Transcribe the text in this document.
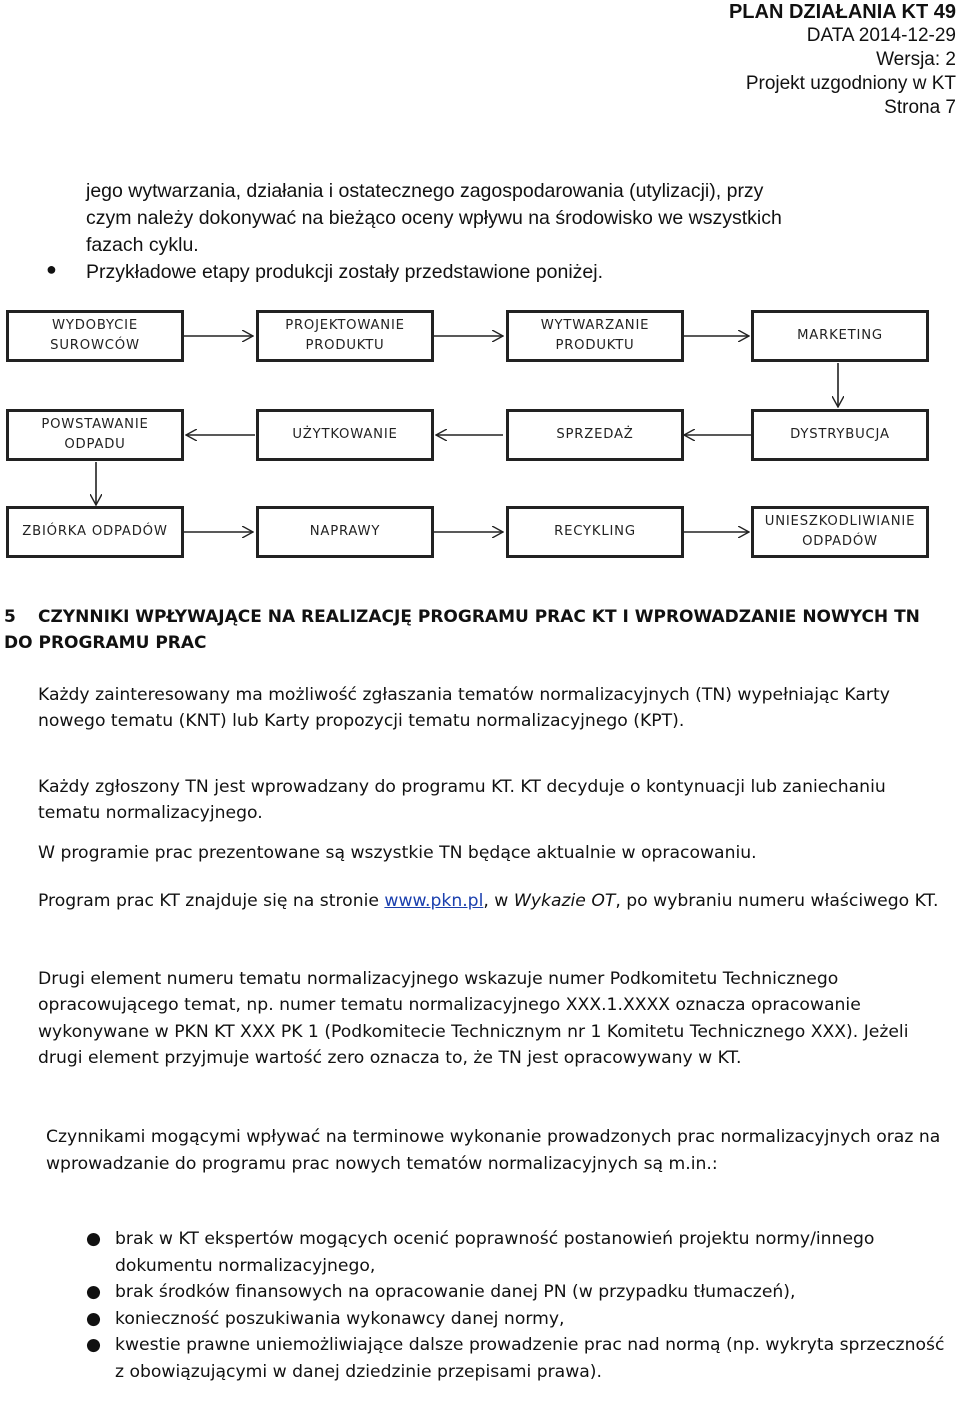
PLAN DZIAŁANIA KT 49
DATA 2014-12-29
Wersja: 2
Projekt uzgodniony w KT
Strona 7
jego wytwarzania, działania i ostatecznego zagospodarowania (utylizacji), przy
czym należy dokonywać na bieżąco oceny wpływu na środowisko we wszystkich
fazach cyklu.
● Przykładowe etapy produkcji zostały przedstawione poniżej.
WYDOBYCIE
SUROWCÓW
PROJEKTOWANIE
PRODUKTU
WYTWARZANIE
PRODUKTU
MARKETING
POWSTAWANIE
ODPADU
UŻYTKOWANIE	SPRZEDAŻ	DYSTRYBUCJA
ZBIÓRKA ODPADÓW	NAPRAWY	RECYKLING
UNIESZKODLIWIANIE
ODPADÓW
5 CZYNNIKI WPŁYWAJĄCE NA REALIZACJĘ PROGRAMU PRAC KT I WPROWADZANIE NOWYCH TN DO PROGRAMU PRAC
Każdy zainteresowany ma możliwość zgłaszania tematów normalizacyjnych (TN) wypełniając Karty nowego tematu (KNT) lub Karty propozycji tematu normalizacyjnego (KPT).
Każdy zgłoszony TN jest wprowadzany do programu KT. KT decyduje o kontynuacji lub zaniechaniu tematu normalizacyjnego.
W programie prac prezentowane są wszystkie TN będące aktualnie w opracowaniu.
Program prac KT znajduje się na stronie www.pkn.pl, w Wykazie OT, po wybraniu numeru właściwego KT.
Drugi element numeru tematu normalizacyjnego wskazuje numer Podkomitetu Technicznego opracowującego temat, np. numer tematu normalizacyjnego XXX.1.XXXX oznacza opracowanie wykonywane w PKN KT XXX PK 1 (Podkomitecie Technicznym nr 1 Komitetu Technicznego XXX). Jeżeli drugi element przyjmuje wartość zero oznacza to, że TN jest opracowywany w KT.
Czynnikami mogącymi wpływać na terminowe wykonanie prowadzonych prac normalizacyjnych oraz na wprowadzanie do programu prac nowych tematów normalizacyjnych są m.in.:
● brak w KT ekspertów mogących ocenić poprawność postanowień projektu normy/innego dokumentu normalizacyjnego,
● brak środków finansowych na opracowanie danej PN (w przypadku tłumaczeń),
● konieczność poszukiwania wykonawcy danej normy,
● kwestie prawne uniemożliwiające dalsze prowadzenie prac nad normą (np. wykryta sprzeczność z obowiązującymi w danej dziedzinie przepisami prawa).
